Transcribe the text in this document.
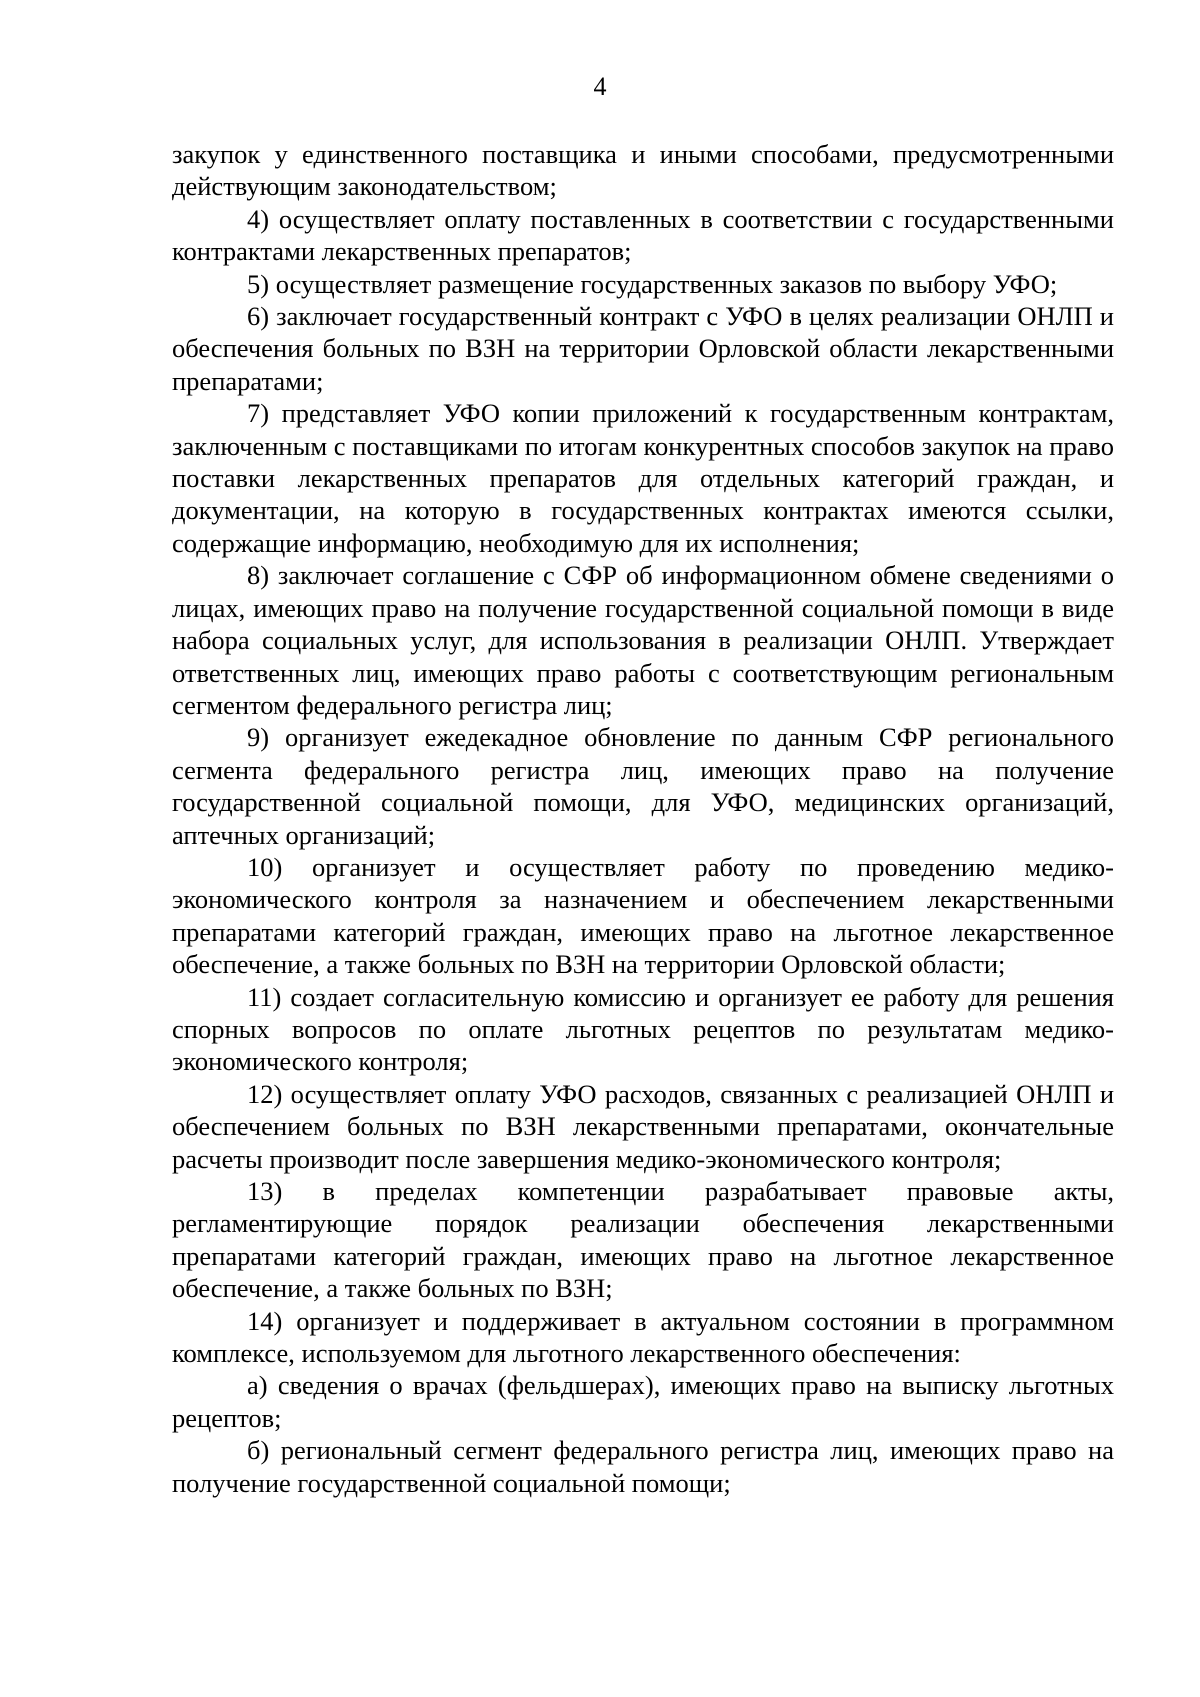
4

закупок у единственного поставщика и иными способами, предусмотренными действующим законодательством;

4) осуществляет оплату поставленных в соответствии с государственными контрактами лекарственных препаратов;

5) осуществляет размещение государственных заказов по выбору УФО;

6) заключает государственный контракт с УФО в целях реализации ОНЛП и обеспечения больных по ВЗН на территории Орловской области лекарственными препаратами;

7) представляет УФО копии приложений к государственным контрактам, заключенным с поставщиками по итогам конкурентных способов закупок на право поставки лекарственных препаратов для отдельных категорий граждан, и документации, на которую в государственных контрактах имеются ссылки, содержащие информацию, необходимую для их исполнения;

8) заключает соглашение с СФР об информационном обмене сведениями о лицах, имеющих право на получение государственной социальной помощи в виде набора социальных услуг, для использования в реализации ОНЛП. Утверждает ответственных лиц, имеющих право работы с соответствующим региональным сегментом федерального регистра лиц;

9) организует ежедекадное обновление по данным СФР регионального сегмента федерального регистра лиц, имеющих право на получение государственной социальной помощи, для УФО, медицинских организаций, аптечных организаций;

10) организует и осуществляет работу по проведению медико-экономического контроля за назначением и обеспечением лекарственными препаратами категорий граждан, имеющих право на льготное лекарственное обеспечение, а также больных по ВЗН на территории Орловской области;

11) создает согласительную комиссию и организует ее работу для решения спорных вопросов по оплате льготных рецептов по результатам медико-экономического контроля;

12) осуществляет оплату УФО расходов, связанных с реализацией ОНЛП и обеспечением больных по ВЗН лекарственными препаратами, окончательные расчеты производит после завершения медико-экономического контроля;

13) в пределах компетенции разрабатывает правовые акты, регламентирующие порядок реализации обеспечения лекарственными препаратами категорий граждан, имеющих право на льготное лекарственное обеспечение, а также больных по ВЗН;

14) организует и поддерживает в актуальном состоянии в программном комплексе, используемом для льготного лекарственного обеспечения:

а) сведения о врачах (фельдшерах), имеющих право на выписку льготных рецептов;

б) региональный сегмент федерального регистра лиц, имеющих право на получение государственной социальной помощи;
